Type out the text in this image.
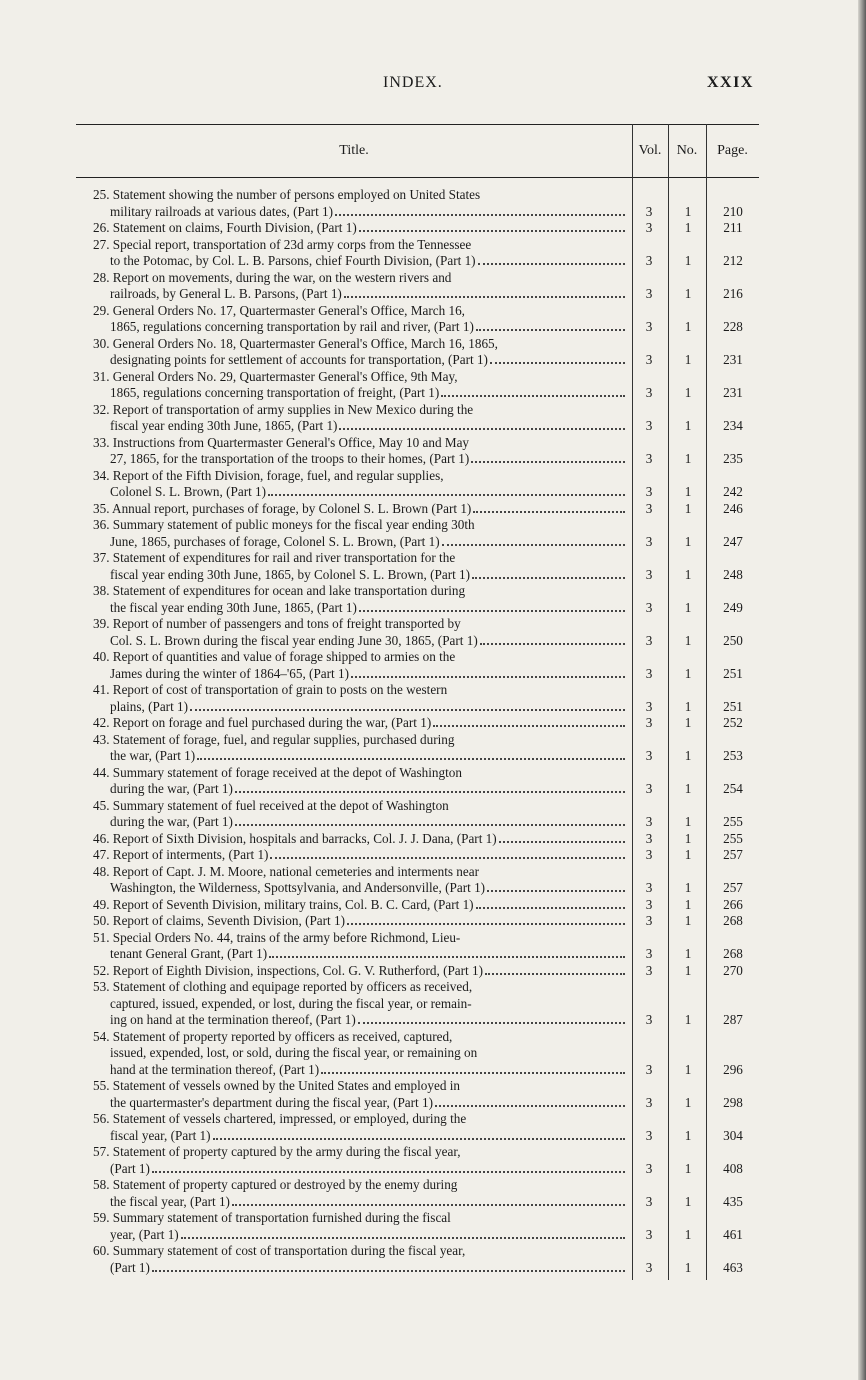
INDEX.	XXIX
Title.	Vol.	No.	Page.
25. Statement showing the number of persons employed on United States
military railroads at various dates, (Part 1)	3	1	210
26. Statement on claims, Fourth Division, (Part 1)	3	1	211
27. Special report, transportation of 23d army corps from the Tennessee
to the Potomac, by Col. L. B. Parsons, chief Fourth Division, (Part 1)	3	1	212
28. Report on movements, during the war, on the western rivers and
railroads, by General L. B. Parsons, (Part 1)	3	1	216
29. General Orders No. 17, Quartermaster General's Office, March 16,
1865, regulations concerning transportation by rail and river, (Part 1)	3	1	228
30. General Orders No. 18, Quartermaster General's Office, March 16, 1865,
designating points for settlement of accounts for transportation, (Part 1)	3	1	231
31. General Orders No. 29, Quartermaster General's Office, 9th May,
1865, regulations concerning transportation of freight, (Part 1)	3	1	231
32. Report of transportation of army supplies in New Mexico during the
fiscal year ending 30th June, 1865, (Part 1)	3	1	234
33. Instructions from Quartermaster General's Office, May 10 and May
27, 1865, for the transportation of the troops to their homes, (Part 1)	3	1	235
34. Report of the Fifth Division, forage, fuel, and regular supplies,
Colonel S. L. Brown, (Part 1)	3	1	242
35. Annual report, purchases of forage, by Colonel S. L. Brown (Part 1)	3	1	246
36. Summary statement of public moneys for the fiscal year ending 30th
June, 1865, purchases of forage, Colonel S. L. Brown, (Part 1)	3	1	247
37. Statement of expenditures for rail and river transportation for the
fiscal year ending 30th June, 1865, by Colonel S. L. Brown, (Part 1)	3	1	248
38. Statement of expenditures for ocean and lake transportation during
the fiscal year ending 30th June, 1865, (Part 1)	3	1	249
39. Report of number of passengers and tons of freight transported by
Col. S. L. Brown during the fiscal year ending June 30, 1865, (Part 1)	3	1	250
40. Report of quantities and value of forage shipped to armies on the
James during the winter of 1864–'65, (Part 1)	3	1	251
41. Report of cost of transportation of grain to posts on the western
plains, (Part 1)	3	1	251
42. Report on forage and fuel purchased during the war, (Part 1)	3	1	252
43. Statement of forage, fuel, and regular supplies, purchased during
the war, (Part 1)	3	1	253
44. Summary statement of forage received at the depot of Washington
during the war, (Part 1)	3	1	254
45. Summary statement of fuel received at the depot of Washington
during the war, (Part 1)	3	1	255
46. Report of Sixth Division, hospitals and barracks, Col. J. J. Dana, (Part 1)	3	1	255
47. Report of interments, (Part 1)	3	1	257
48. Report of Capt. J. M. Moore, national cemeteries and interments near
Washington, the Wilderness, Spottsylvania, and Andersonville, (Part 1)	3	1	257
49. Report of Seventh Division, military trains, Col. B. C. Card, (Part 1)	3	1	266
50. Report of claims, Seventh Division, (Part 1)	3	1	268
51. Special Orders No. 44, trains of the army before Richmond, Lieu-
tenant General Grant, (Part 1)	3	1	268
52. Report of Eighth Division, inspections, Col. G. V. Rutherford, (Part 1)	3	1	270
53. Statement of clothing and equipage reported by officers as received,
captured, issued, expended, or lost, during the fiscal year, or remain-
ing on hand at the termination thereof, (Part 1)	3	1	287
54. Statement of property reported by officers as received, captured,
issued, expended, lost, or sold, during the fiscal year, or remaining on
hand at the termination thereof, (Part 1)	3	1	296
55. Statement of vessels owned by the United States and employed in
the quartermaster's department during the fiscal year, (Part 1)	3	1	298
56. Statement of vessels chartered, impressed, or employed, during the
fiscal year, (Part 1)	3	1	304
57. Statement of property captured by the army during the fiscal year,
(Part 1)	3	1	408
58. Statement of property captured or destroyed by the enemy during
the fiscal year, (Part 1)	3	1	435
59. Summary statement of transportation furnished during the fiscal
year, (Part 1)	3	1	461
60. Summary statement of cost of transportation during the fiscal year,
(Part 1)	3	1	463
